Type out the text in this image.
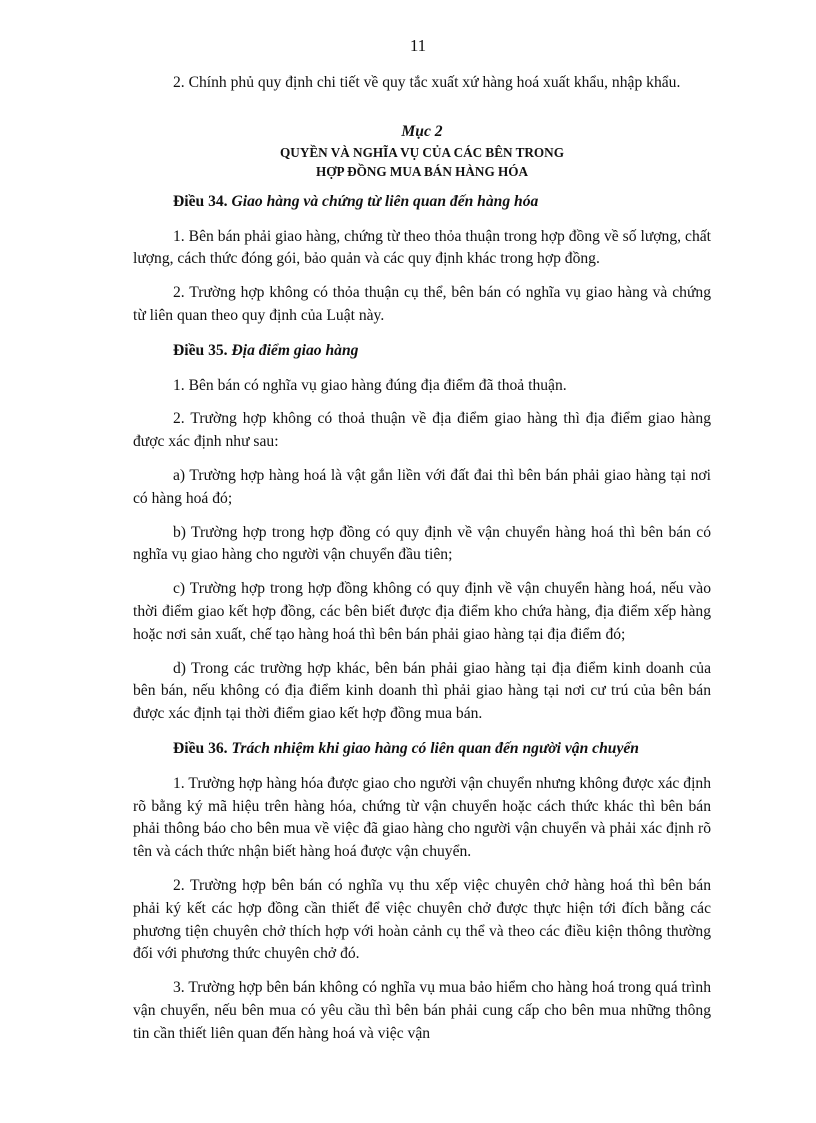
11

2. Chính phủ quy định chi tiết về quy tắc xuất xứ hàng hoá xuất khẩu, nhập khẩu.

Mục 2
QUYỀN VÀ NGHĨA VỤ CỦA CÁC BÊN TRONG
HỢP ĐỒNG MUA BÁN HÀNG HÓA
Điều 34. Giao hàng và chứng từ liên quan đến hàng hóa

1. Bên bán phải giao hàng, chứng từ theo thỏa thuận trong hợp đồng về số lượng, chất lượng, cách thức đóng gói, bảo quản và các quy định khác trong hợp đồng.

2. Trường hợp không có thỏa thuận cụ thể, bên bán có nghĩa vụ giao hàng và chứng từ liên quan theo quy định của Luật này.

Điều 35. Địa điểm giao hàng

1. Bên bán có nghĩa vụ giao hàng đúng địa điểm đã thoả thuận.

2. Trường hợp không có thoả thuận về địa điểm giao hàng thì địa điểm giao hàng được xác định như sau:

a) Trường hợp hàng hoá là vật gắn liền với đất đai thì bên bán phải giao hàng tại nơi có hàng hoá đó;

b) Trường hợp trong hợp đồng có quy định về vận chuyển hàng hoá thì bên bán có nghĩa vụ giao hàng cho người vận chuyển đầu tiên;

c) Trường hợp trong hợp đồng không có quy định về vận chuyển hàng hoá, nếu vào thời điểm giao kết hợp đồng, các bên biết được địa điểm kho chứa hàng, địa điểm xếp hàng hoặc nơi sản xuất, chế tạo hàng hoá thì bên bán phải giao hàng tại địa điểm đó;

d) Trong các trường hợp khác, bên bán phải giao hàng tại địa điểm kinh doanh của bên bán, nếu không có địa điểm kinh doanh thì phải giao hàng tại nơi cư trú của bên bán được xác định tại thời điểm giao kết hợp đồng mua bán.

Điều 36. Trách nhiệm khi giao hàng có liên quan đến người vận chuyển

1. Trường hợp hàng hóa được giao cho người vận chuyển nhưng không được xác định rõ bằng ký mã hiệu trên hàng hóa, chứng từ vận chuyển hoặc cách thức khác thì bên bán phải thông báo cho bên mua về việc đã giao hàng cho người vận chuyển và phải xác định rõ tên và cách thức nhận biết hàng hoá được vận chuyển.

2. Trường hợp bên bán có nghĩa vụ thu xếp việc chuyên chở hàng hoá thì bên bán phải ký kết các hợp đồng cần thiết để việc chuyên chở được thực hiện tới đích bằng các phương tiện chuyên chở thích hợp với hoàn cảnh cụ thể và theo các điều kiện thông thường đối với phương thức chuyên chở đó.

3. Trường hợp bên bán không có nghĩa vụ mua bảo hiểm cho hàng hoá trong quá trình vận chuyển, nếu bên mua có yêu cầu thì bên bán phải cung cấp cho bên mua những thông tin cần thiết liên quan đến hàng hoá và việc vận
